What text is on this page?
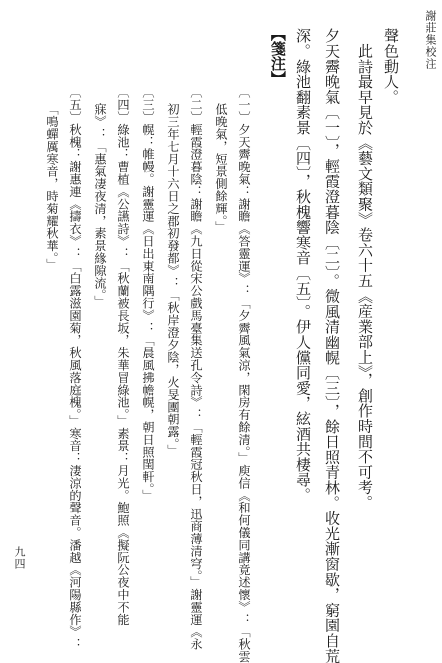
謝莊集校注
聲色動人。
　此詩最早見於《藝文類聚》卷六十五《産業部上》，創作時間不可考。
夕天霽晚氣〔一〕，輕霞澄暮陰〔二〕。微風清幽幌〔三〕，餘日照青林。收光漸窗歇，窮園自荒
深。綠池翻素景〔四〕，秋槐響寒音〔五〕。伊人儻同愛，絃酒共棲尋。
【箋注】
〔一〕夕天霽晚氣：謝瞻《答靈運》：「夕霽風氣涼，閑房有餘清。」庾信《和何儀同講竟述懷》：「秋雲
低晚氣，短景側餘輝。」
〔二〕輕霞澄暮陰：謝瞻《九日從宋公戲馬臺集送孔令詩》：「輕霞冠秋日，迅商薄清穹。」謝靈運《永
初三年七月十六日之郡初發都》：「秋岸澄夕陰，火旻團朝露。」
〔三〕幌：帷幔。謝靈運《日出東南隅行》：「晨風拂幨幌，朝日照閨軒。」
〔四〕綠池：曹植《公讌詩》：「秋蘭被長坂，朱華冒綠池。」素景：月光。鮑照《擬阮公夜中不能
寐》：「惠氣凄夜清，素景緣隙流。」
〔五〕秋槐：謝惠連《擣衣》：「白露滋園菊，秋風落庭槐。」寒音：淒涼的聲音。潘越《河陽縣作》：
「鳴蟬厲寒音，時菊耀秋華。」
九四
